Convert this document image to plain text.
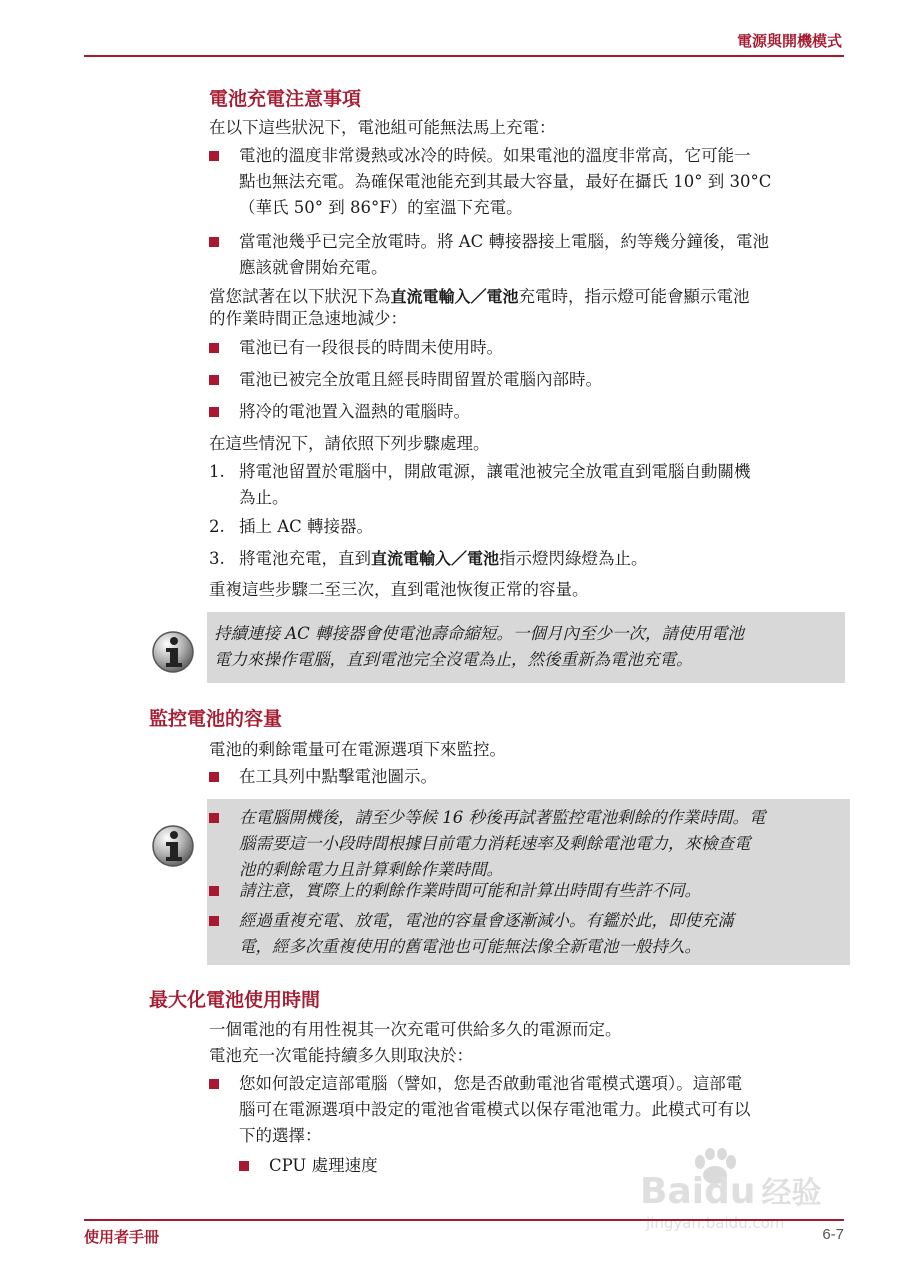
電源與開機模式
電池充電注意事項
在以下這些狀況下，電池組可能無法馬上充電：
電池的溫度非常燙熱或冰冷的時候。如果電池的溫度非常高，它可能一
點也無法充電。為確保電池能充到其最大容量，最好在攝氏 10° 到 30°C
（華氏 50° 到 86°F）的室溫下充電。
當電池幾乎已完全放電時。將 AC 轉接器接上電腦，約等幾分鐘後，電池
應該就會開始充電。
當您試著在以下狀況下為直流電輸入／電池充電時，指示燈可能會顯示電池
的作業時間正急速地減少：
電池已有一段很長的時間未使用時。
電池已被完全放電且經長時間留置於電腦內部時。
將冷的電池置入溫熱的電腦時。
在這些情況下，請依照下列步驟處理。
1. 將電池留置於電腦中，開啟電源，讓電池被完全放電直到電腦自動關機
為止。
2. 插上 AC 轉接器。
3. 將電池充電，直到直流電輸入／電池指示燈閃綠燈為止。
重複這些步驟二至三次，直到電池恢復正常的容量。
持續連接 AC 轉接器會使電池壽命縮短。一個月內至少一次，請使用電池
電力來操作電腦，直到電池完全沒電為止，然後重新為電池充電。
監控電池的容量
電池的剩餘電量可在電源選項下來監控。
在工具列中點擊電池圖示。
在電腦開機後，請至少等候 16 秒後再試著監控電池剩餘的作業時間。電
腦需要這一小段時間根據目前電力消耗速率及剩餘電池電力，來檢查電
池的剩餘電力且計算剩餘作業時間。
請注意，實際上的剩餘作業時間可能和計算出時間有些許不同。
經過重複充電、放電，電池的容量會逐漸減小。有鑑於此，即使充滿
電，經多次重複使用的舊電池也可能無法像全新電池一般持久。
最大化電池使用時間
一個電池的有用性視其一次充電可供給多久的電源而定。
電池充一次電能持續多久則取決於：
您如何設定這部電腦（譬如，您是否啟動電池省電模式選項）。這部電
腦可在電源選項中設定的電池省電模式以保存電池電力。此模式可有以
下的選擇：
CPU 處理速度
Baidu 经验
jingyan.baidu.com
使用者手冊	6-7
